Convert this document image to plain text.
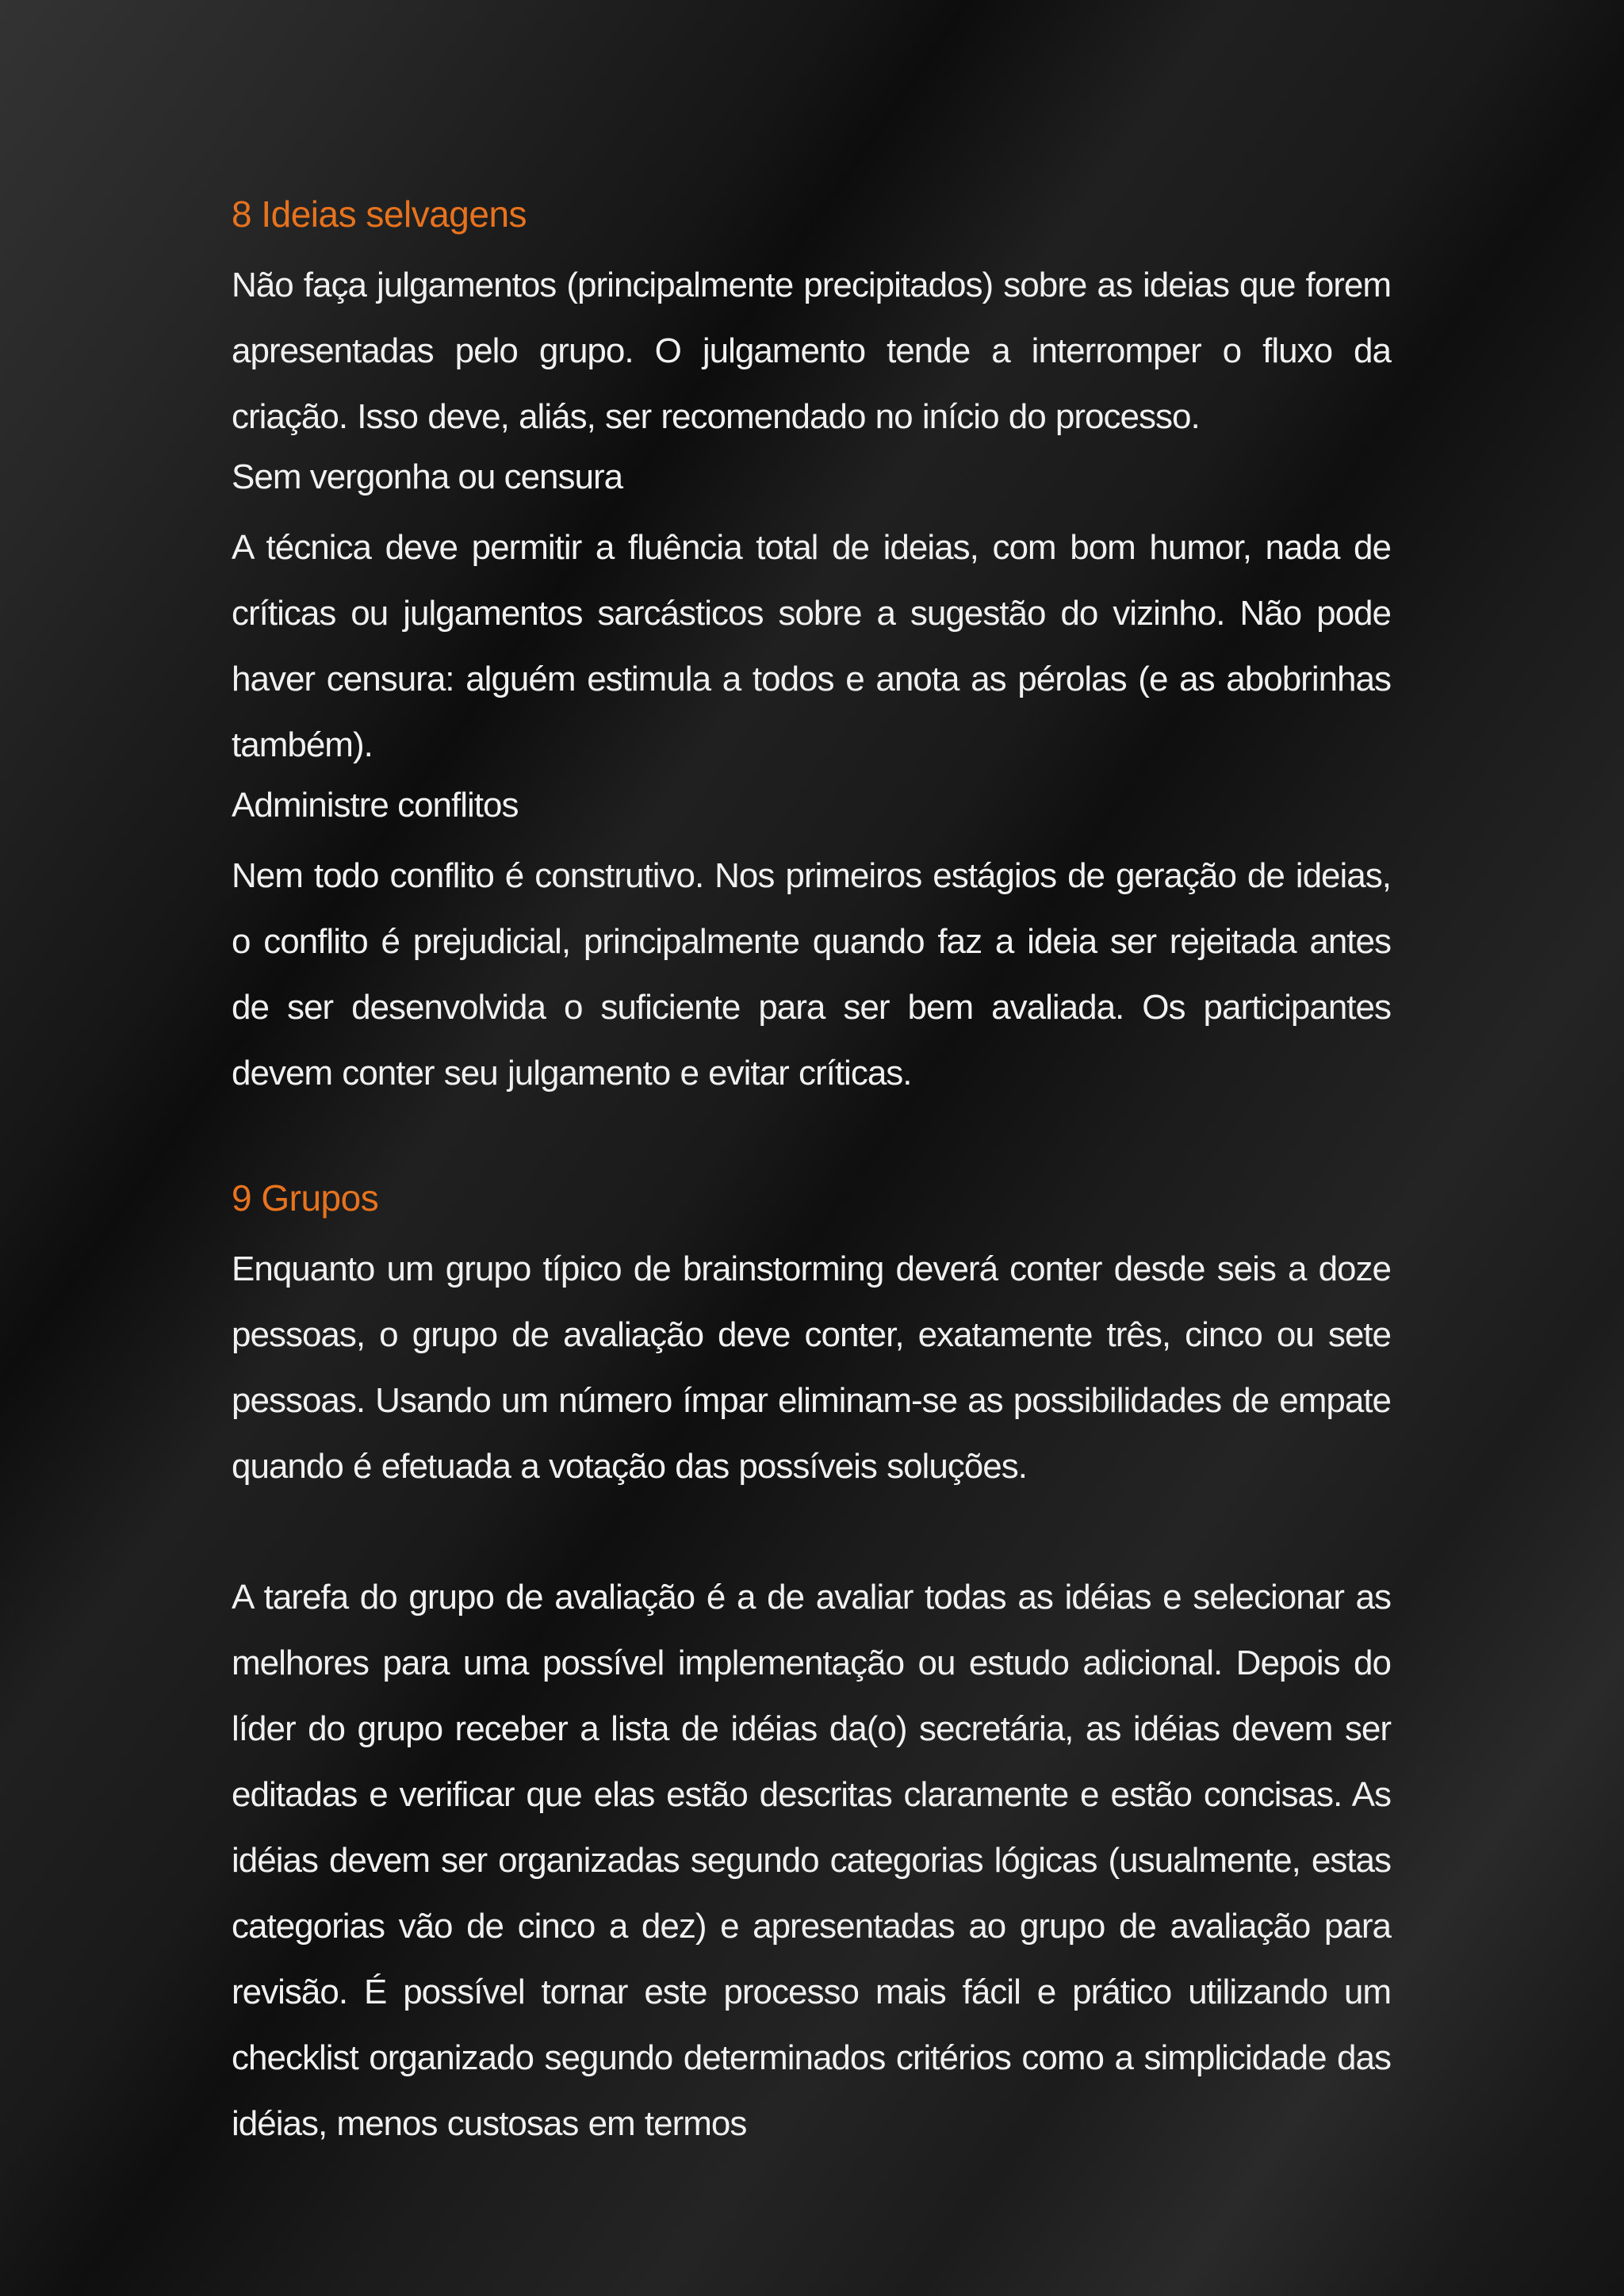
8 Ideias selvagens

Não faça julgamentos (principalmente precipitados) sobre as ideias que forem apresentadas pelo grupo. O julgamento tende a interromper o fluxo da criação. Isso deve, aliás, ser recomendado no início do processo.

Sem vergonha ou censura

A técnica deve permitir a fluência total de ideias, com bom humor, nada de críticas ou julgamentos sarcásticos sobre a sugestão do vizinho. Não pode haver censura: alguém estimula a todos e anota as pérolas (e as abobrinhas também).

Administre conflitos

Nem todo conflito é construtivo. Nos primeiros estágios de geração de ideias, o conflito é prejudicial, principalmente quando faz a ideia ser rejeitada antes de ser desenvolvida o suficiente para ser bem avaliada. Os participantes devem conter seu julgamento e evitar críticas.

9 Grupos

Enquanto um grupo típico de brainstorming deverá conter desde seis a doze pessoas, o grupo de avaliação deve conter, exatamente três, cinco ou sete pessoas. Usando um número ímpar eliminam-se as possibilidades de empate quando é efetuada a votação das possíveis soluções.

A tarefa do grupo de avaliação é a de avaliar todas as idéias e selecionar as melhores para uma possível implementação ou estudo adicional. Depois do líder do grupo receber a lista de idéias da(o) secretária, as idéias devem ser editadas e verificar que elas estão descritas claramente e estão concisas. As idéias devem ser organizadas segundo categorias lógicas (usualmente, estas categorias vão de cinco a dez) e apresentadas ao grupo de avaliação para revisão. É possível tornar este processo mais fácil e prático utilizando um checklist organizado segundo determinados critérios como a simplicidade das idéias, menos custosas em termos
